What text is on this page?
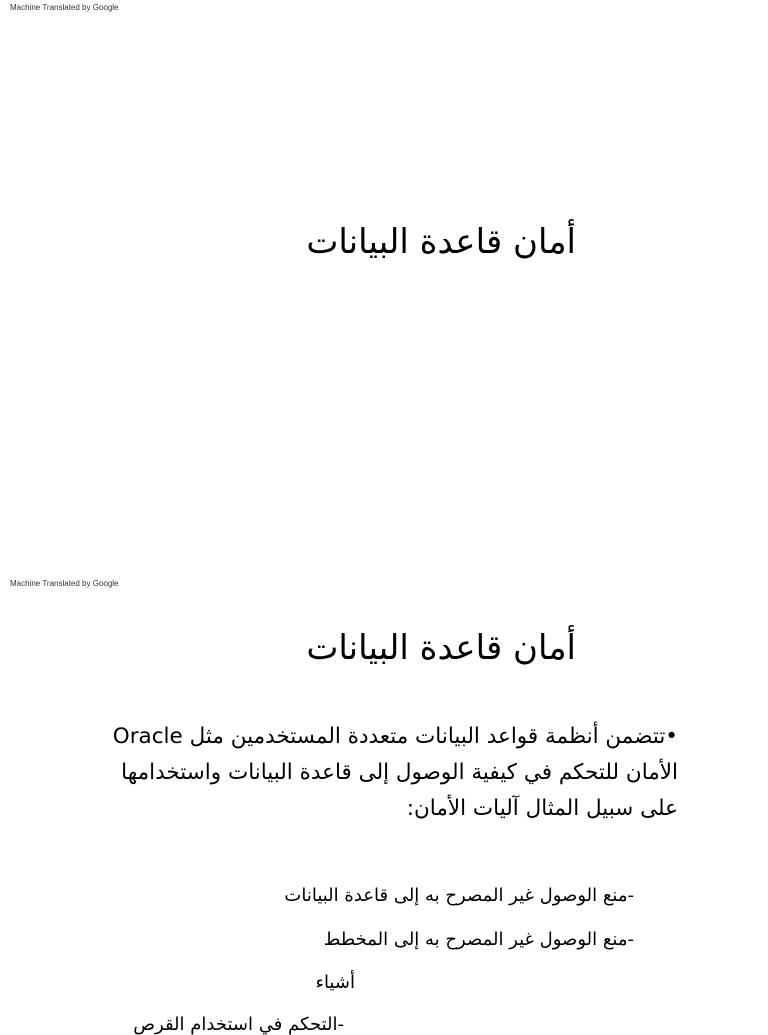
Machine Translated by Google
أمان قاعدة البيانات
Machine Translated by Google
أمان قاعدة البيانات
•تتضمن أنظمة قواعد البيانات متعددة المستخدمين مثل Oracle
الأمان للتحكم في كيفية الوصول إلى قاعدة البيانات واستخدامها
على سبيل المثال آليات الأمان:
-منع الوصول غير المصرح به إلى قاعدة البيانات
-منع الوصول غير المصرح به إلى المخطط
أشياء
-التحكم في استخدام القرص
